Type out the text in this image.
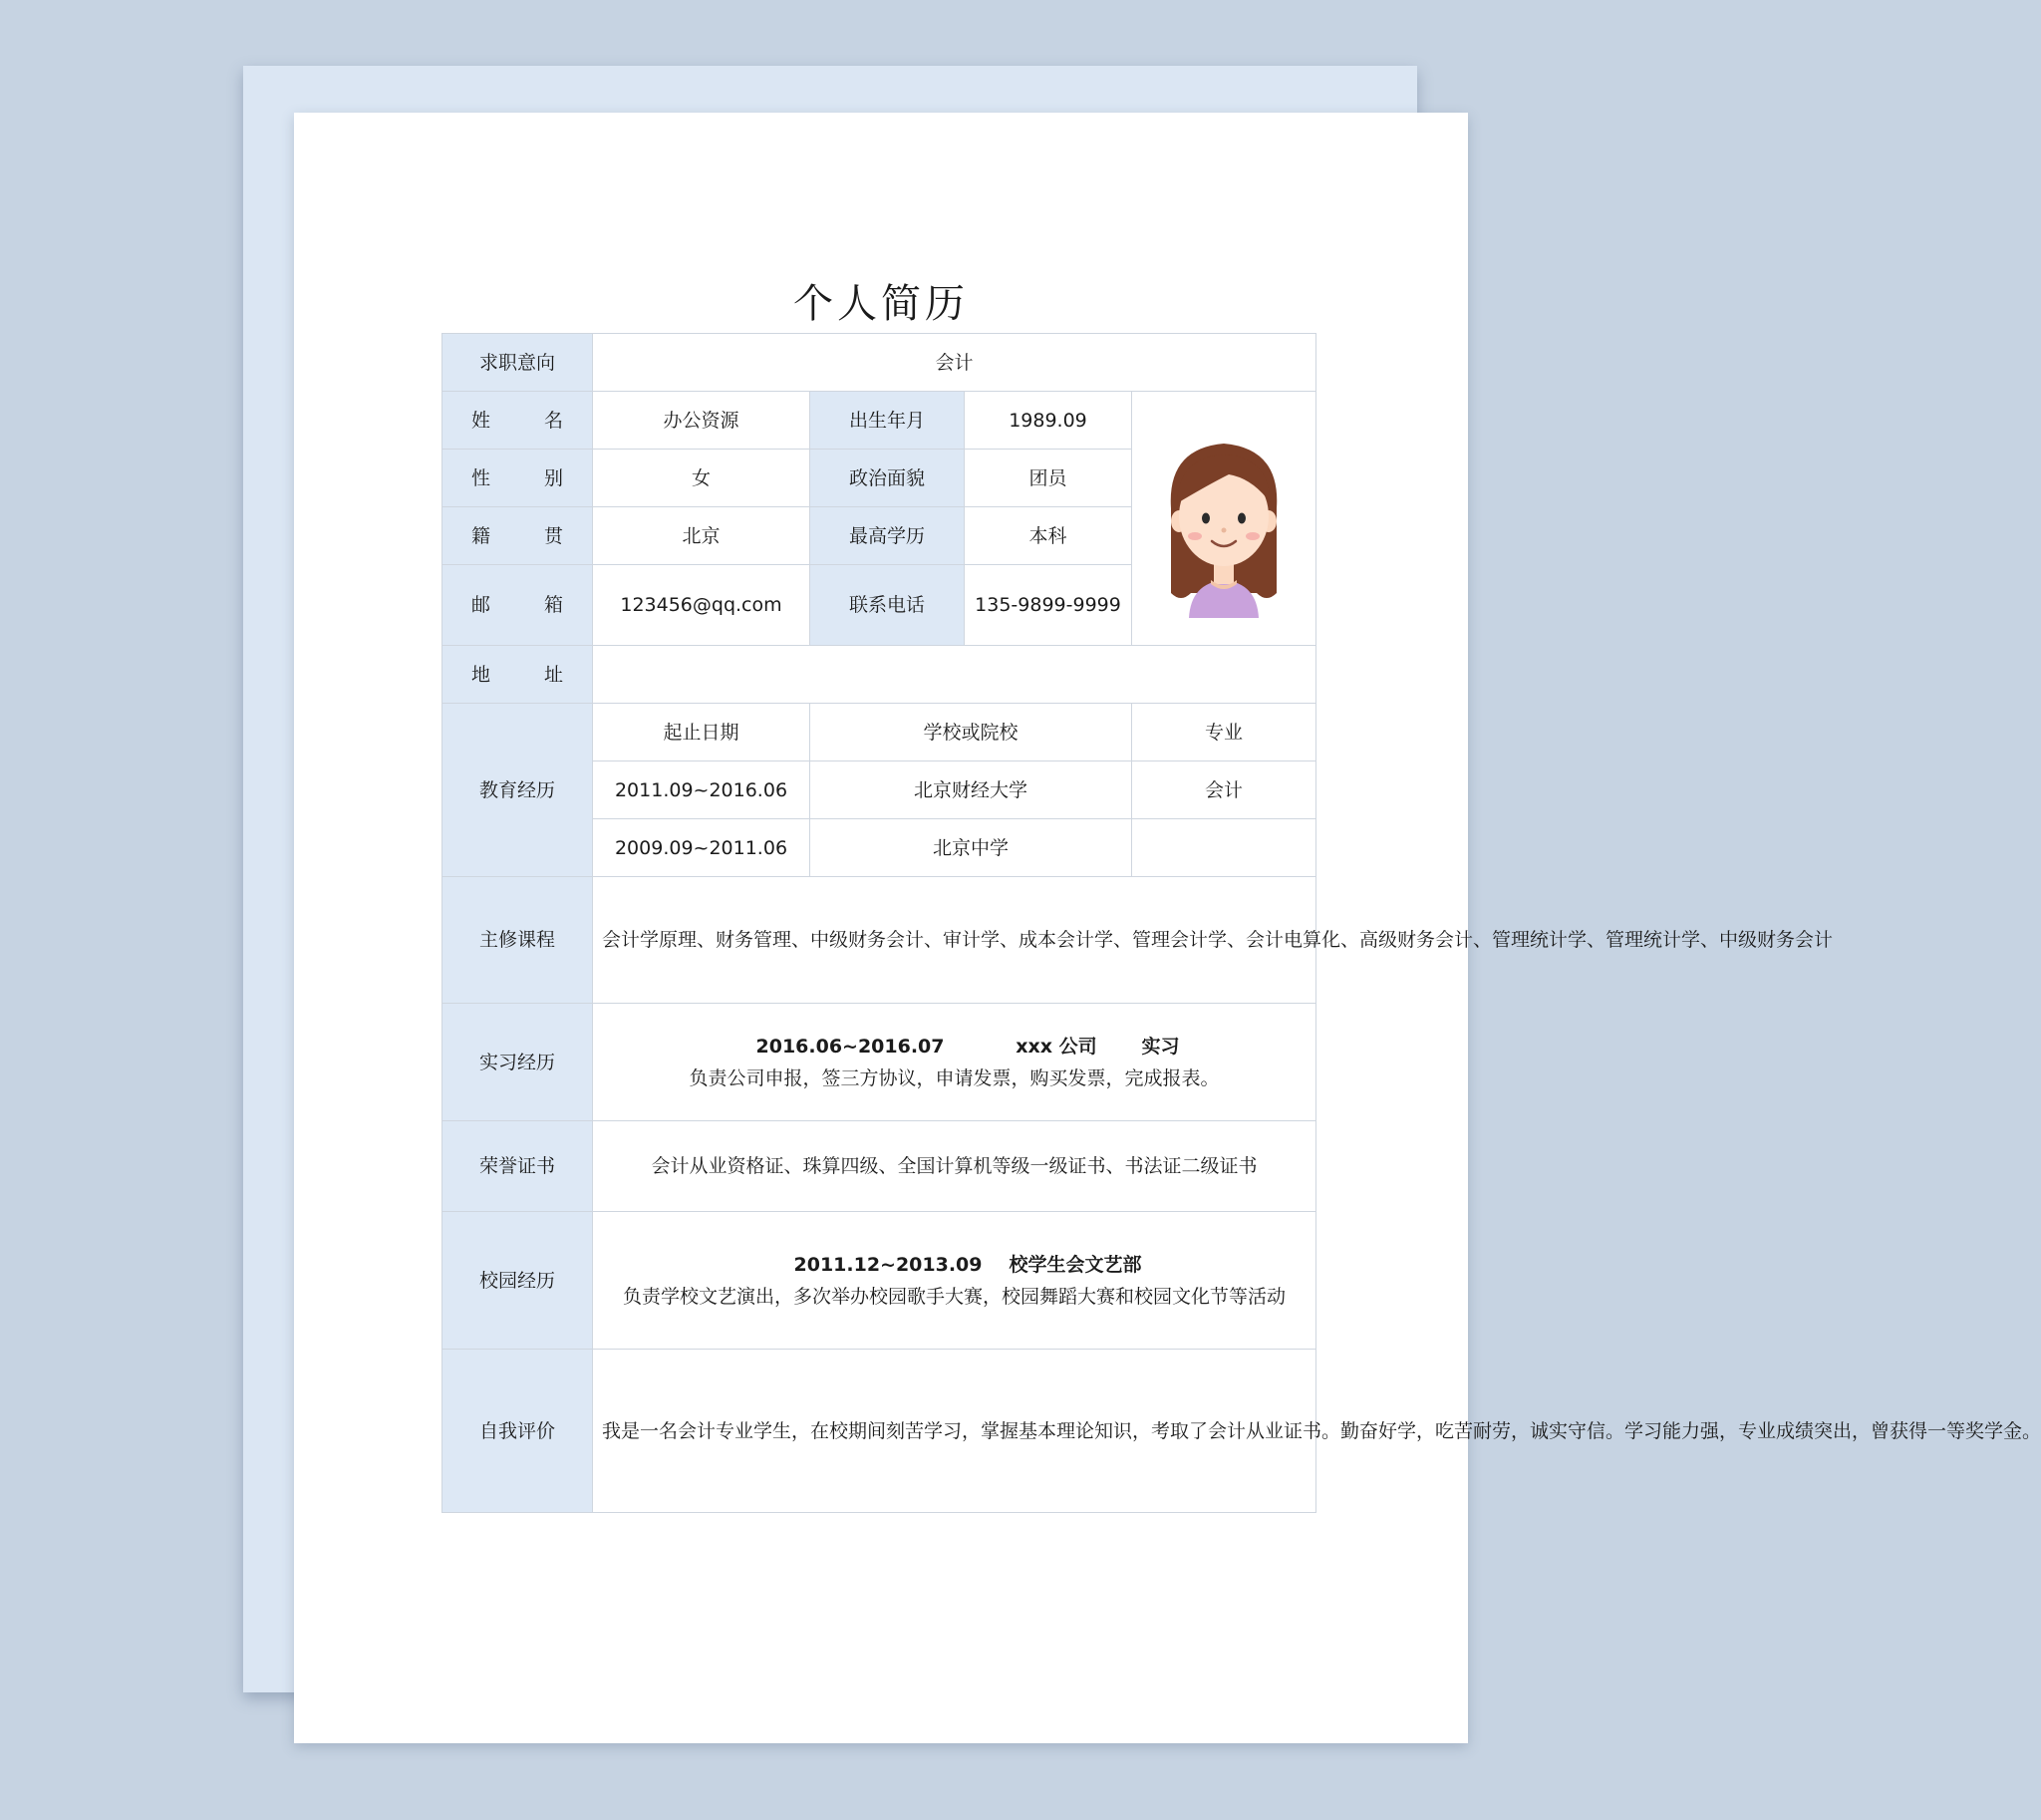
个人简历
求职意向	会计			
姓 名	办公资源	出生年月	1989.09	

性 别	女	政治面貌	团员	
籍 贯	北京	最高学历	本科	
邮 箱	123456@qq.com	联系电话	135-9899-9999	
地 址				
教育经历	起止日期	学校或院校		专业
	2011.09~2016.06	北京财经大学		会计
	2009.09~2011.06	北京中学		
主修课程	会计学原理、财务管理、中级财务会计、审计学、成本会计学、管理会计学、会计电算化、高级财务会计、管理统计学、管理统计学、中级财务会计			
实习经历	2016.06~2016.07 xxx 公司 实习
负责公司申报，签三方协议，申请发票，购买发票，完成报表。			

荣誉证书	会计从业资格证、珠算四级、全国计算机等级一级证书、书法证二级证书			
校园经历	2011.12~2013.09 校学生会文艺部
负责学校文艺演出，多次举办校园歌手大赛，校园舞蹈大赛和校园文化节等活动			

自我评价	我是一名会计专业学生，在校期间刻苦学习，掌握基本理论知识，考取了会计从业证书。勤奋好学，吃苦耐劳，诚实守信。学习能力强，专业成绩突出，曾获得一等奖学金。			
